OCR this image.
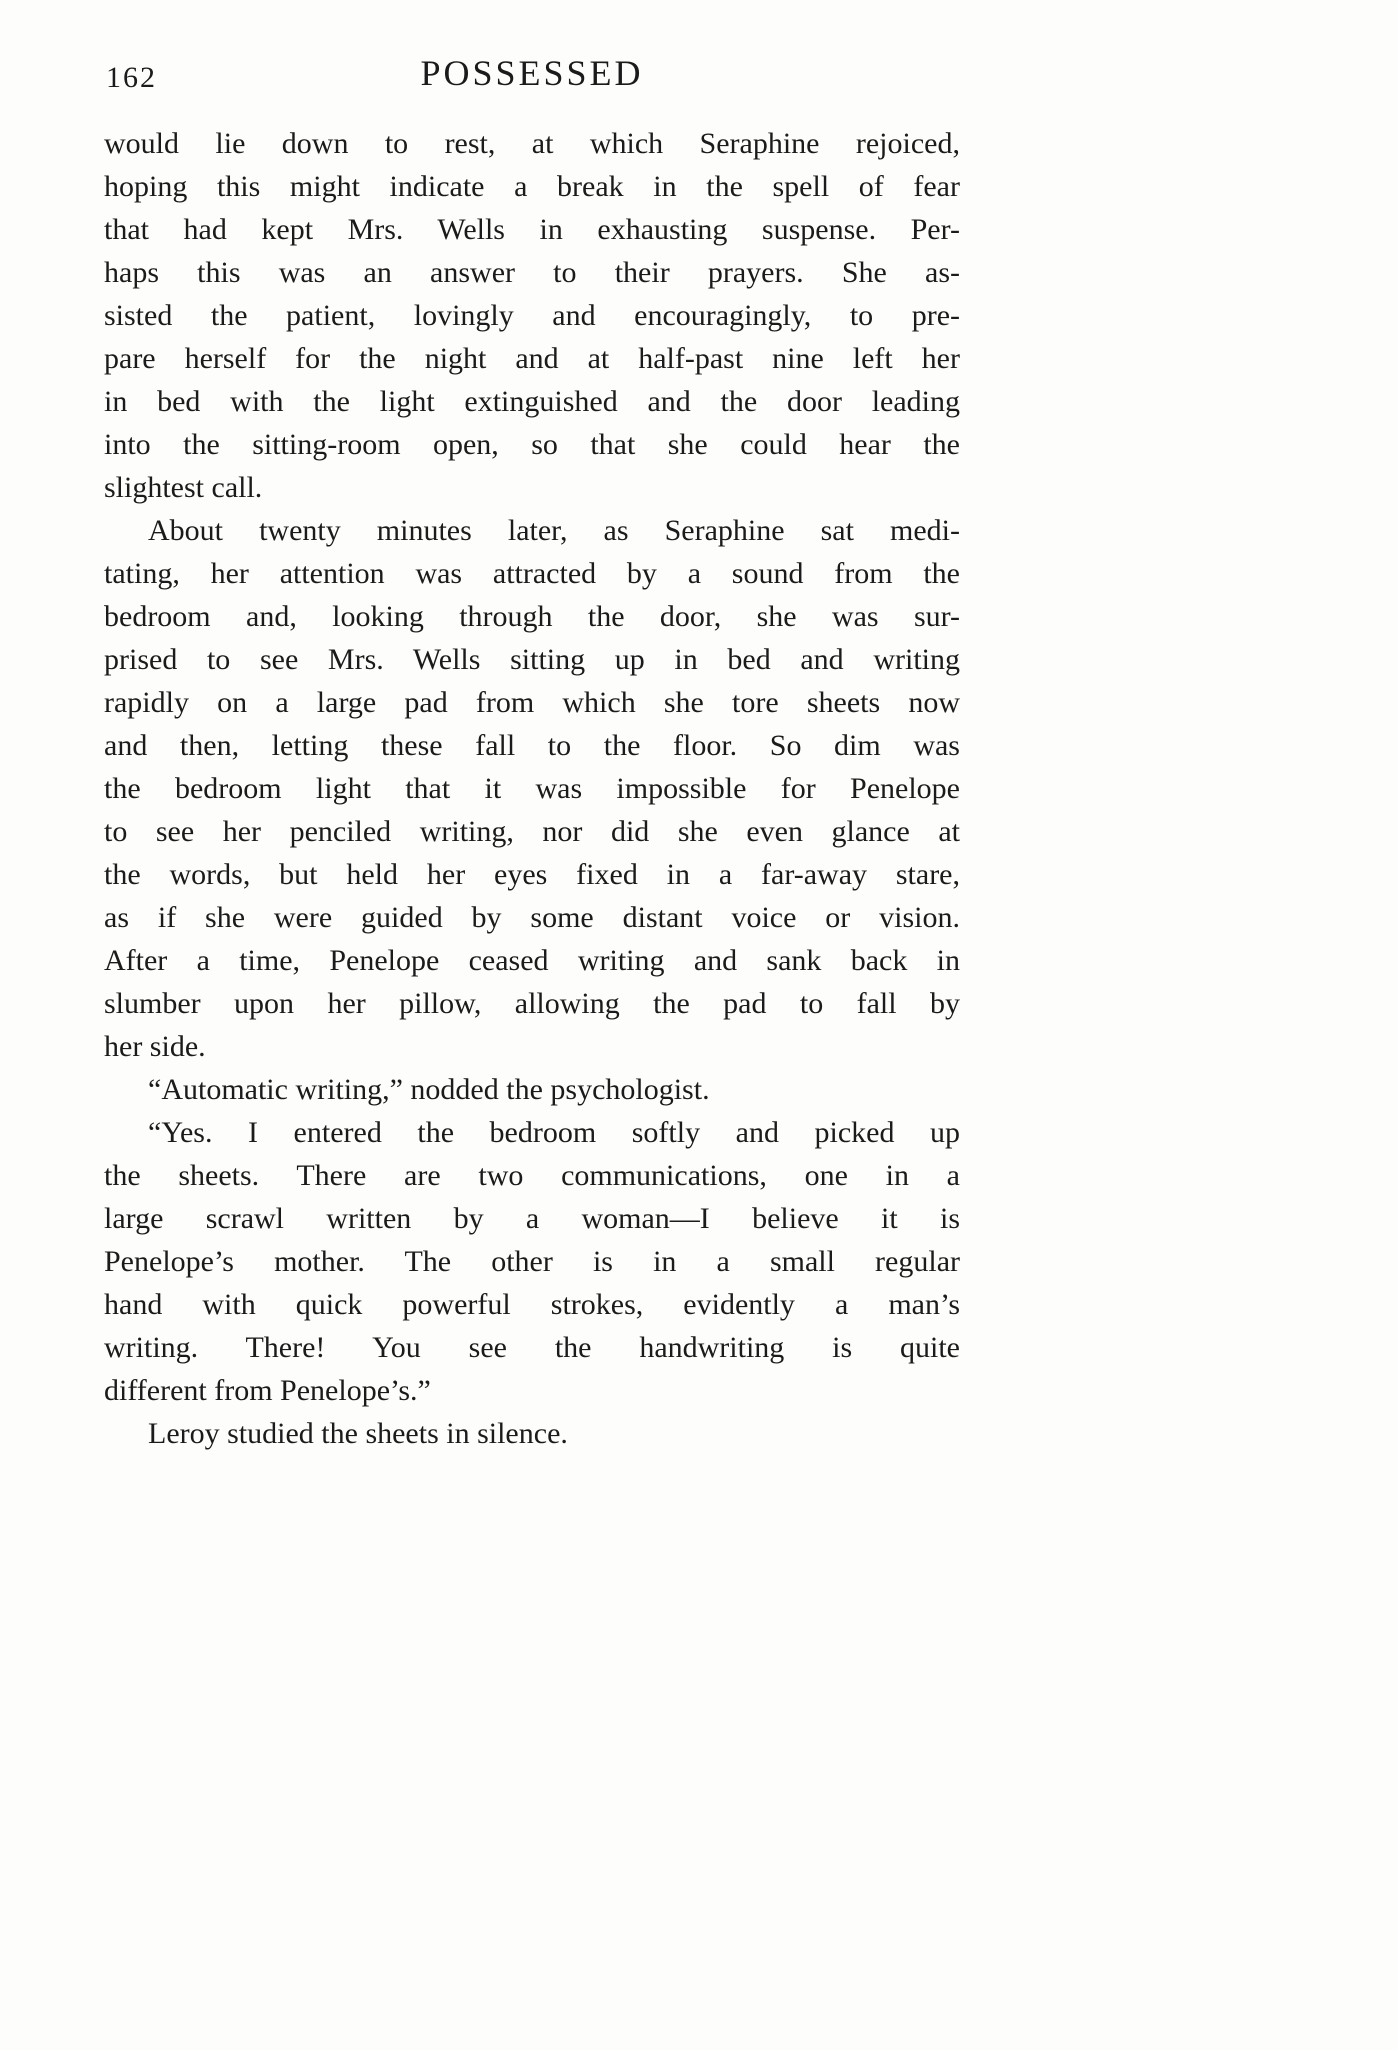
162	POSSESSED
would lie down to rest, at which Seraphine rejoiced,
hoping this might indicate a break in the spell of fear
that had kept Mrs. Wells in exhausting suspense. Per-
haps this was an answer to their prayers. She as-
sisted the patient, lovingly and encouragingly, to pre-
pare herself for the night and at half-past nine left her
in bed with the light extinguished and the door leading
into the sitting-room open, so that she could hear the
slightest call.
About twenty minutes later, as Seraphine sat medi-
tating, her attention was attracted by a sound from the
bedroom and, looking through the door, she was sur-
prised to see Mrs. Wells sitting up in bed and writing
rapidly on a large pad from which she tore sheets now
and then, letting these fall to the floor. So dim was
the bedroom light that it was impossible for Penelope
to see her penciled writing, nor did she even glance at
the words, but held her eyes fixed in a far-away stare,
as if she were guided by some distant voice or vision.
After a time, Penelope ceased writing and sank back in
slumber upon her pillow, allowing the pad to fall by
her side.
“Automatic writing,” nodded the psychologist.
“Yes. I entered the bedroom softly and picked up
the sheets. There are two communications, one in a
large scrawl written by a woman—I believe it is
Penelope’s mother. The other is in a small regular
hand with quick powerful strokes, evidently a man’s
writing. There! You see the handwriting is quite
different from Penelope’s.”
Leroy studied the sheets in silence.
